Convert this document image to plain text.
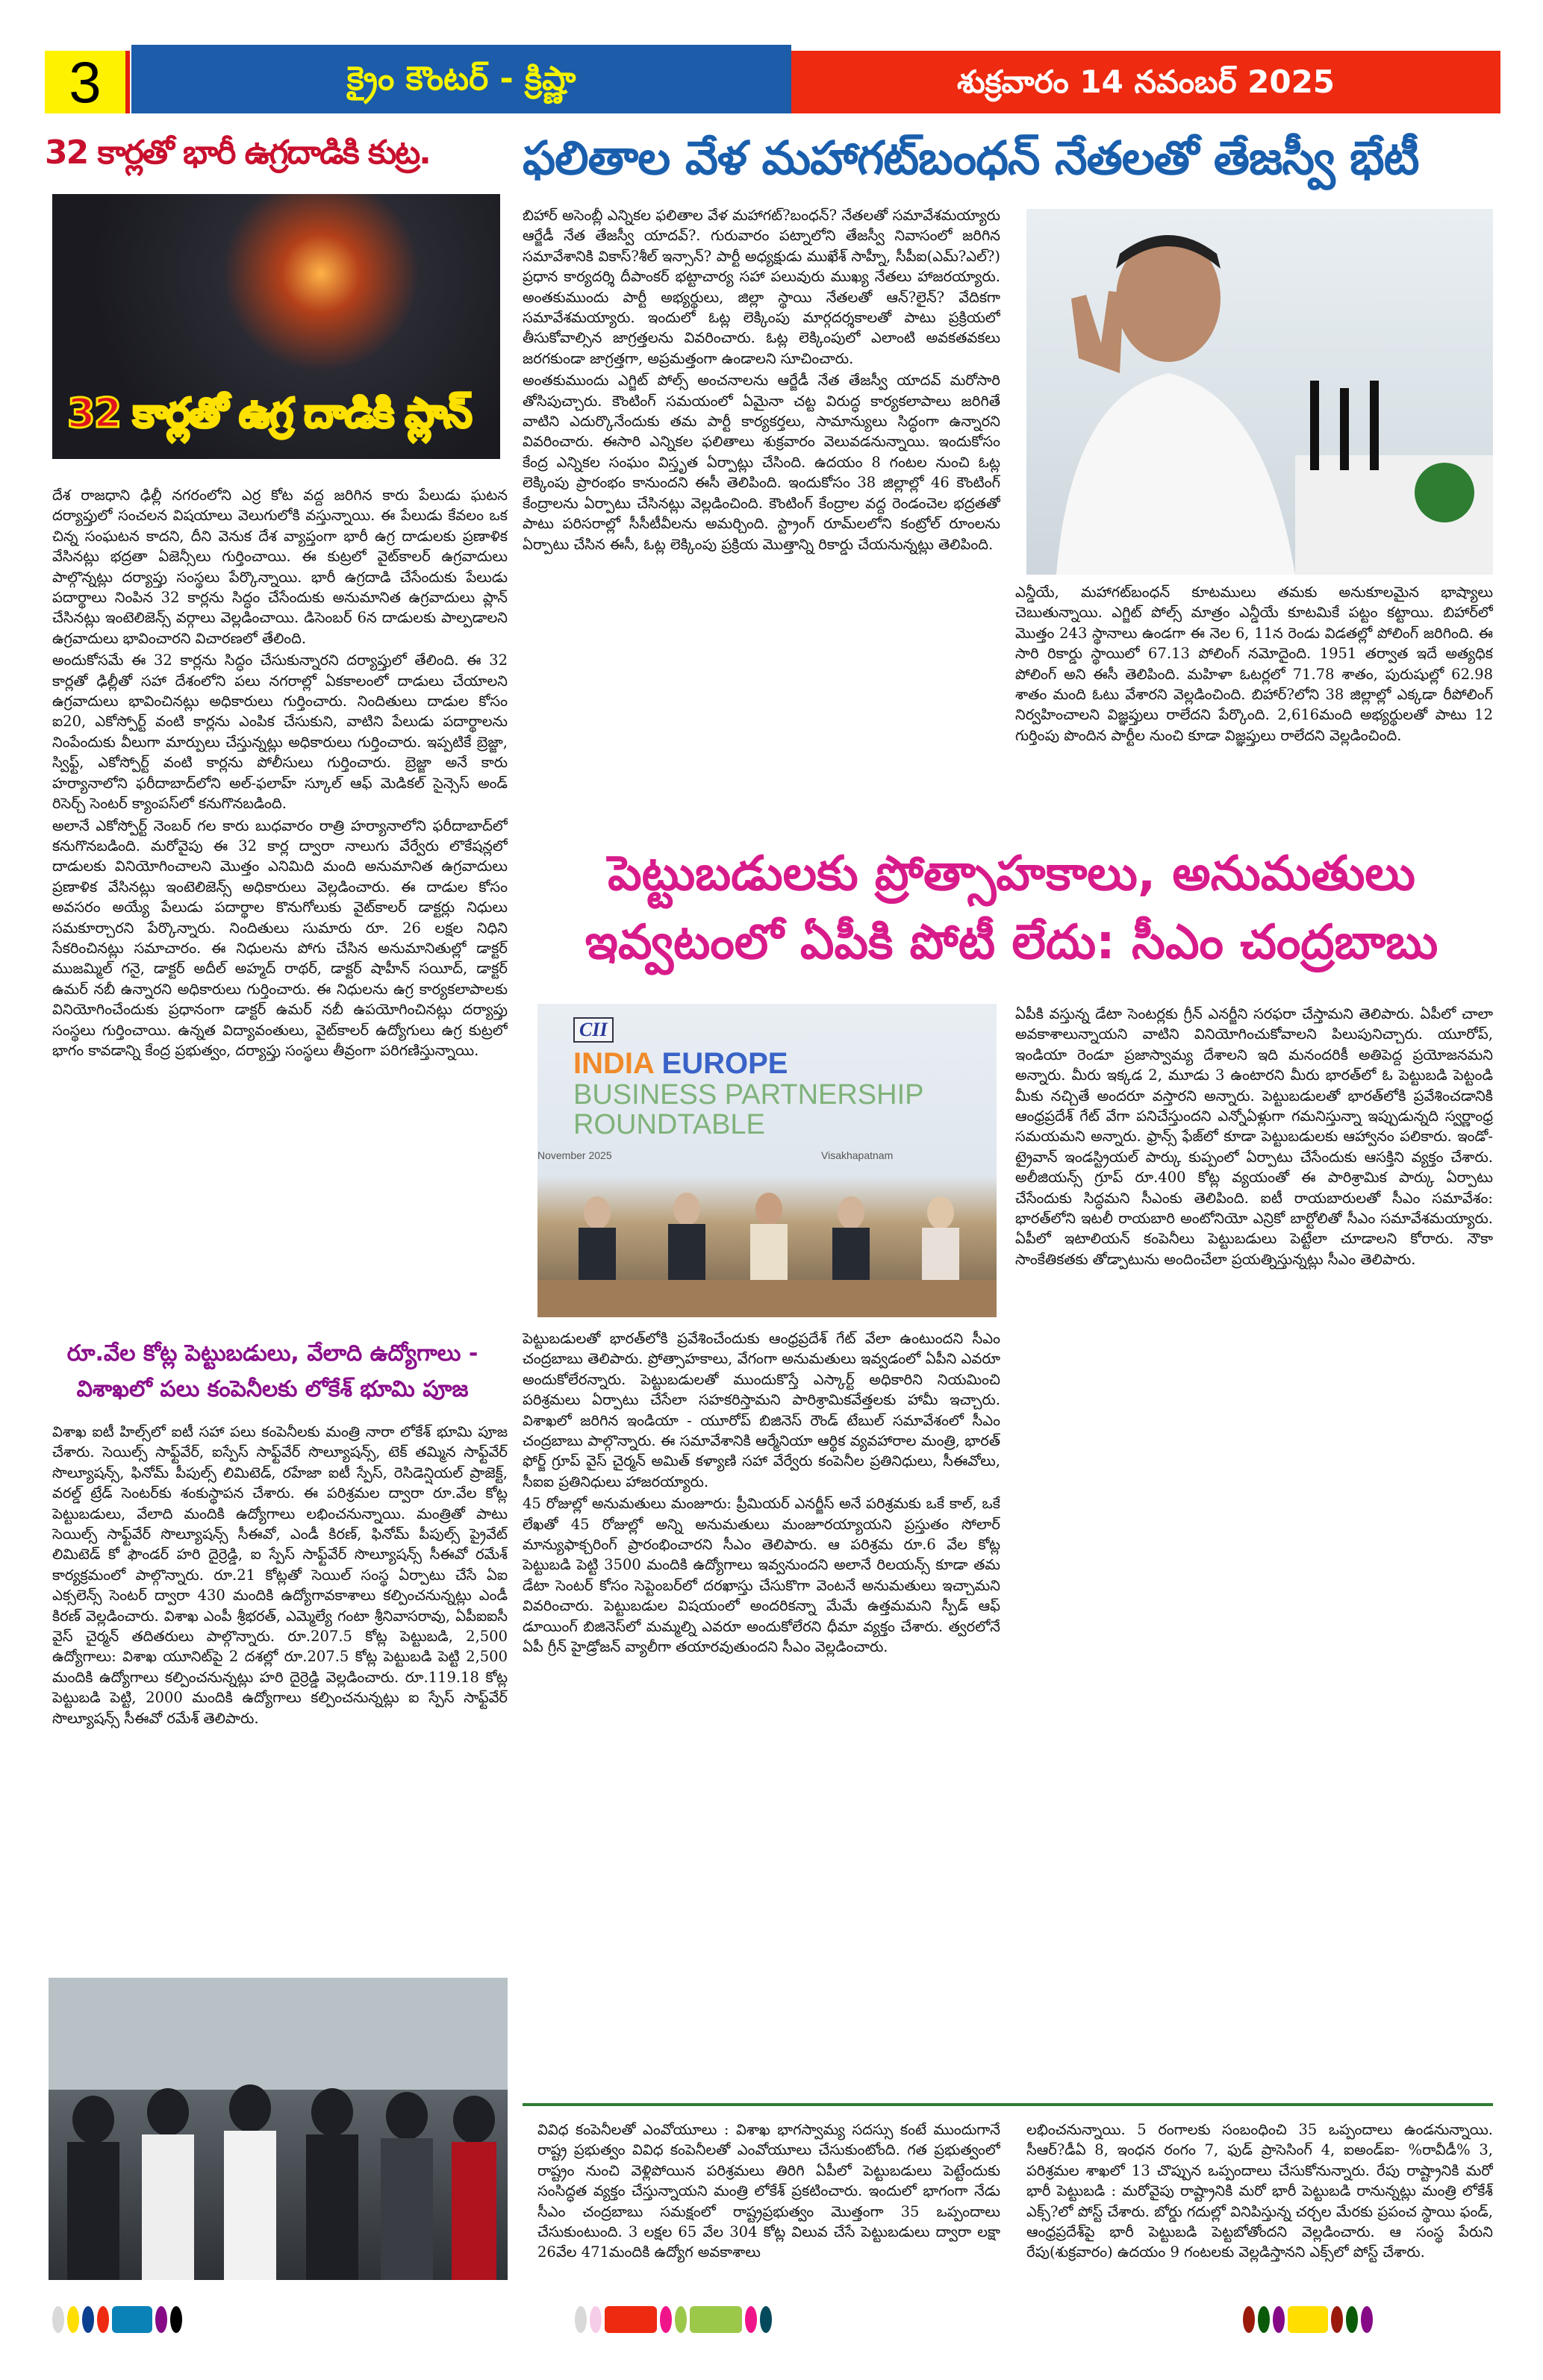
3	క్రైం కౌంటర్ - క్రిష్ణా	శుక్రవారం 14 నవంబర్ 2025
32 కార్లతో భారీ ఉగ్రదాడికి కుట్ర.	ఫలితాల వేళ మహాగట్‌బంధన్ నేతలతో తేజస్వీ భేటీ
32 కార్లతో ఉగ్ర దాడికి ప్లాన్

దేశ రాజధాని ఢిల్లీ నగరంలోని ఎర్ర కోట వద్ద జరిగిన కారు పేలుడు ఘటన దర్యాప్తులో సంచలన విషయాలు వెలుగులోకి వస్తున్నాయి. ఈ పేలుడు కేవలం ఒక చిన్న సంఘటన కాదని, దీని వెనుక దేశ వ్యాప్తంగా భారీ ఉగ్ర దాడులకు ప్రణాళిక వేసినట్లు భద్రతా ఏజెన్సీలు గుర్తించాయి. ఈ కుట్రలో వైట్‌కాలర్ ఉగ్రవాదులు పాల్గొన్నట్లు దర్యాప్తు సంస్థలు పేర్కొన్నాయి. భారీ ఉగ్రదాడి చేసేందుకు పేలుడు పదార్థాలు నింపిన 32 కార్లను సిద్ధం చేసేందుకు అనుమానిత ఉగ్రవాదులు ప్లాన్ చేసినట్లు ఇంటెలిజెన్స్ వర్గాలు వెల్లడించాయి. డిసెంబర్ 6న దాడులకు పాల్పడాలని ఉగ్రవాదులు భావించారని విచారణలో తేలింది.

అందుకోసమే ఈ 32 కార్లను సిద్ధం చేసుకున్నారని దర్యాప్తులో తేలింది. ఈ 32 కార్లతో ఢిల్లీతో సహా దేశంలోని పలు నగరాల్లో ఏకకాలంలో దాడులు చేయాలని ఉగ్రవాదులు భావించినట్లు అధికారులు గుర్తించారు. నిందితులు దాడుల కోసం ఐ20, ఎకోస్పోర్ట్ వంటి కార్లను ఎంపిక చేసుకుని, వాటిని పేలుడు పదార్థాలను నింపేందుకు వీలుగా మార్పులు చేస్తున్నట్లు అధికారులు గుర్తించారు. ఇప్పటికే బ్రెజ్జా, స్విఫ్ట్, ఎకోస్పోర్ట్ వంటి కార్లను పోలీసులు గుర్తించారు. బ్రెజ్జా అనే కారు హర్యానాలోని ఫరీదాబాద్‌లోని అల్-ఫలాహ్ స్కూల్ ఆఫ్ మెడికల్ సైన్సెస్ అండ్ రిసెర్చ్ సెంటర్ క్యాంపస్‌లో కనుగొనబడింది.

అలానే ఎకోస్పోర్ట్ నెంబర్ గల కారు బుధవారం రాత్రి హర్యానాలోని ఫరీదాబాద్‌లో కనుగొనబడింది. మరోవైపు ఈ 32 కార్ల ద్వారా నాలుగు వేర్వేరు లొకేషన్లలో దాడులకు వినియోగించాలని మొత్తం ఎనిమిది మంది అనుమానిత ఉగ్రవాదులు ప్రణాళిక వేసినట్లు ఇంటెలిజెన్స్ అధికారులు వెల్లడించారు. ఈ దాడుల కోసం అవసరం అయ్యే పేలుడు పదార్థాల కొనుగోలుకు వైట్‌కాలర్ డాక్టర్లు నిధులు సమకూర్చారని పేర్కొన్నారు. నిందితులు సుమారు రూ. 26 లక్షల నిధిని సేకరించినట్లు సమాచారం. ఈ నిధులను పోగు చేసిన అనుమానితుల్లో డాక్టర్ ముజమ్మిల్ గనై, డాక్టర్ అదీల్ అహ్మద్ రాథర్, డాక్టర్ షాహీన్ సయీద్, డాక్టర్ ఉమర్ నబీ ఉన్నారని అధికారులు గుర్తించారు. ఈ నిధులను ఉగ్ర కార్యకలాపాలకు వినియోగించేందుకు ప్రధానంగా డాక్టర్ ఉమర్ నబీ ఉపయోగించినట్లు దర్యాప్తు సంస్థలు గుర్తించాయి. ఉన్నత విద్యావంతులు, వైట్‌కాలర్ ఉద్యోగులు ఉగ్ర కుట్రలో భాగం కావడాన్ని కేంద్ర ప్రభుత్వం, దర్యాప్తు సంస్థలు తీవ్రంగా పరిగణిస్తున్నాయి.

రూ.వేల కోట్ల పెట్టుబడులు, వేలాది ఉద్యోగాలు - విశాఖలో పలు కంపెనీలకు లోకేశ్ భూమి పూజ

విశాఖ ఐటీ హిల్స్‌లో ఐటీ సహా పలు కంపెనీలకు మంత్రి నారా లోకేశ్ భూమి పూజ చేశారు. సెయిల్స్ సాఫ్ట్‌వేర్, ఐస్పేస్ సాఫ్ట్‌వేర్ సొల్యూషన్స్, టెక్ తమ్మిన సాఫ్ట్‌వేర్ సొల్యూషన్స్, ఫినోమ్ పీపుల్స్ లిమిటెడ్, రహేజా ఐటీ స్పేస్, రెసిడెన్షియల్ ప్రాజెక్ట్, వరల్డ్ ట్రేడ్ సెంటర్‌కు శంకుస్థాపన చేశారు. ఈ పరిశ్రమల ద్వారా రూ.వేల కోట్ల పెట్టుబడులు, వేలాది మందికి ఉద్యోగాలు లభించనున్నాయి. మంత్రితో పాటు సెయిల్స్ సాఫ్ట్‌వేర్ సొల్యూషన్స్ సీఈవో, ఎండీ కిరణ్, ఫినోమ్ పీపుల్స్ ప్రైవేట్ లిమిటెడ్ కో ఫౌండర్ హరి దైర్రెడ్డి, ఐ స్పేస్ సాఫ్ట్‌వేర్ సొల్యూషన్స్ సీఈవో రమేశ్ కార్యక్రమంలో పాల్గొన్నారు. రూ.21 కోట్లతో సెయిల్ సంస్థ ఏర్పాటు చేసే ఏఐ ఎక్సలెన్స్ సెంటర్ ద్వారా 430 మందికి ఉద్యోగావకాశాలు కల్పించనున్నట్లు ఎండీ కిరణ్ వెల్లడించారు. విశాఖ ఎంపీ శ్రీభరత్, ఎమ్మెల్యే గంటా శ్రీనివాసరావు, ఏపీఐఐసీ వైస్ చైర్మన్ తదితరులు పాల్గొన్నారు. రూ.207.5 కోట్ల పెట్టుబడి, 2,500 ఉద్యోగాలు: విశాఖ యూనిట్‌పై 2 దశల్లో రూ.207.5 కోట్ల పెట్టుబడి పెట్టి 2,500 మందికి ఉద్యోగాలు కల్పించనున్నట్లు హరి దైర్రెడ్డి వెల్లడించారు. రూ.119.18 కోట్ల పెట్టుబడి పెట్టి, 2000 మందికి ఉద్యోగాలు కల్పించనున్నట్లు ఐ స్పేస్ సాఫ్ట్‌వేర్ సొల్యూషన్స్ సీఈవో రమేశ్ తెలిపారు.

బిహార్ అసెంబ్లీ ఎన్నికల ఫలితాల వేళ మహాగట్?బంధన్? నేతలతో సమావేశమయ్యారు ఆర్జేడీ నేత తేజస్వీ యాదవ్?. గురువారం పట్నాలోని తేజస్వీ నివాసంలో జరిగిన సమావేశానికి వికాస్?శీల్ ఇన్సాన్? పార్టీ అధ్యక్షుడు ముఖేశ్ సాహ్నీ, సీపీఐ(ఎమ్?ఎల్?) ప్రధాన కార్యదర్శి దీపాంకర్ భట్టాచార్య సహా పలువురు ముఖ్య నేతలు హాజరయ్యారు. అంతకుముందు పార్టీ అభ్యర్థులు, జిల్లా స్థాయి నేతలతో ఆన్?లైన్? వేదికగా సమావేశమయ్యారు. ఇందులో ఓట్ల లెక్కింపు మార్గదర్శకాలతో పాటు ప్రక్రియలో తీసుకోవాల్సిన జాగ్రత్తలను వివరించారు. ఓట్ల లెక్కింపులో ఎలాంటి అవకతవకలు జరగకుండా జాగ్రత్తగా, అప్రమత్తంగా ఉండాలని సూచించారు.

అంతకుముందు ఎగ్జిట్ పోల్స్ అంచనాలను ఆర్జేడీ నేత తేజస్వీ యాదవ్ మరోసారి తోసిపుచ్చారు. కౌంటింగ్ సమయంలో ఏమైనా చట్ట విరుద్ధ కార్యకలాపాలు జరిగితే వాటిని ఎదుర్కొనేందుకు తమ పార్టీ కార్యకర్తలు, సామాన్యులు సిద్ధంగా ఉన్నారని వివరించారు. ఈసారి ఎన్నికల ఫలితాలు శుక్రవారం వెలువడనున్నాయి. ఇందుకోసం కేంద్ర ఎన్నికల సంఘం విస్తృత ఏర్పాట్లు చేసింది. ఉదయం 8 గంటల నుంచి ఓట్ల లెక్కింపు ప్రారంభం కానుందని ఈసీ తెలిపింది. ఇందుకోసం 38 జిల్లాల్లో 46 కౌంటింగ్ కేంద్రాలను ఏర్పాటు చేసినట్లు వెల్లడించింది. కౌంటింగ్ కేంద్రాల వద్ద రెండంచెల భద్రతతో పాటు పరిసరాల్లో సీసీటీవీలను అమర్చింది. స్ట్రాంగ్ రూమ్‌లలోని కంట్రోల్ రూంలను ఏర్పాటు చేసిన ఈసీ, ఓట్ల లెక్కింపు ప్రక్రియ మొత్తాన్ని రికార్డు చేయనున్నట్లు తెలిపింది.

ఎన్డీయే, మహాగట్‌బంధన్ కూటములు తమకు అనుకూలమైన భాష్యాలు చెబుతున్నాయి. ఎగ్జిట్ పోల్స్ మాత్రం ఎన్డీయే కూటమికే పట్టం కట్టాయి. బిహార్‌లో మొత్తం 243 స్థానాలు ఉండగా ఈ నెల 6, 11న రెండు విడతల్లో పోలింగ్ జరిగింది. ఈ సారి రికార్డు స్థాయిలో 67.13 పోలింగ్ నమోదైంది. 1951 తర్వాత ఇదే అత్యధిక పోలింగ్ అని ఈసీ తెలిపింది. మహిళా ఓటర్లలో 71.78 శాతం, పురుషుల్లో 62.98 శాతం మంది ఓటు వేశారని వెల్లడించింది. బిహార్?లోని 38 జిల్లాల్లో ఎక్కడా రీపోలింగ్ నిర్వహించాలని విజ్ఞప్తులు రాలేదని పేర్కొంది. 2,616మంది అభ్యర్థులతో పాటు 12 గుర్తింపు పొందిన పార్టీల నుంచి కూడా విజ్ఞప్తులు రాలేదని వెల్లడించింది.

పెట్టుబడులకు ప్రోత్సాహకాలు, అనుమతులు
ఇవ్వటంలో ఏపీకి పోటీ లేదు: సీఎం చంద్రబాబు
CII
INDIA EUROPE
BUSINESS PARTNERSHIP
ROUNDTABLE
November 2025	Visakhapatnam

పెట్టుబడులతో భారత్‌లోకి ప్రవేశించేందుకు ఆంధ్రప్రదేశ్ గేట్ వేలా ఉంటుందని సీఎం చంద్రబాబు తెలిపారు. ప్రోత్సాహకాలు, వేగంగా అనుమతులు ఇవ్వడంలో ఏపీని ఎవరూ అందుకోలేరన్నారు. పెట్టుబడులతో ముందుకొస్తే ఎస్కార్ట్ అధికారిని నియమించి పరిశ్రమలు ఏర్పాటు చేసేలా సహకరిస్తామని పారిశ్రామికవేత్తలకు హామీ ఇచ్చారు. విశాఖలో జరిగిన ఇండియా - యూరోప్ బిజినెస్ రౌండ్ టేబుల్ సమావేశంలో సీఎం చంద్రబాబు పాల్గొన్నారు. ఈ సమావేశానికి ఆర్మేనియా ఆర్థిక వ్యవహారాల మంత్రి, భారత్ ఫోర్జ్ గ్రూప్ వైస్ చైర్మన్ అమిత్ కళ్యాణి సహా వేర్వేరు కంపెనీల ప్రతినిధులు, సీఈవోలు, సీఐఐ ప్రతినిధులు హాజరయ్యారు.

45 రోజుల్లో అనుమతులు మంజూరు: ప్రీమియర్ ఎనర్జీస్ అనే పరిశ్రమకు ఒకే కాల్, ఒకే లేఖతో 45 రోజుల్లో అన్ని అనుమతులు మంజూరయ్యాయని ప్రస్తుతం సోలార్ మాన్యుఫాక్చరింగ్ ప్రారంభించారని సీఎం తెలిపారు. ఆ పరిశ్రమ రూ.6 వేల కోట్ల పెట్టుబడి పెట్టి 3500 మందికి ఉద్యోగాలు ఇవ్వనుందని అలానే రిలయన్స్ కూడా తమ డేటా సెంటర్ కోసం సెప్టెంబర్‌లో దరఖాస్తు చేసుకొగా వెంటనే అనుమతులు ఇచ్చామని వివరించారు. పెట్టుబడుల విషయంలో అందరికన్నా మేమే ఉత్తమమని స్పీడ్ ఆఫ్ డూయింగ్ బిజినెస్‌లో మమ్మల్ని ఎవరూ అందుకోలేరని ధీమా వ్యక్తం చేశారు. త్వరలోనే ఏపీ గ్రీన్ హైడ్రోజన్ వ్యాలీగా తయారవుతుందని సీఎం వెల్లడించారు.

ఏపీకి వస్తున్న డేటా సెంటర్లకు గ్రీన్ ఎనర్జీని సరఫరా చేస్తామని తెలిపారు. ఏపీలో చాలా అవకాశాలున్నాయని వాటిని వినియోగించుకోవాలని పిలుపునిచ్చారు. యూరోప్, ఇండియా రెండూ ప్రజాస్వామ్య దేశాలని ఇది మనందరికీ అతిపెద్ద ప్రయోజనమని అన్నారు. మీరు ఇక్కడ 2, మూడు 3 ఉంటారని మీరు భారత్‌లో ఓ పెట్టుబడి పెట్టండి మీకు నచ్చితే అందరూ వస్తారని అన్నారు. పెట్టుబడులతో భారత్‌లోకి ప్రవేశించడానికి ఆంధ్రప్రదేశ్ గేట్ వేగా పనిచేస్తుందని ఎన్నోఏళ్లుగా గమనిస్తున్నా ఇప్పుడున్నది స్వర్ణాంధ్ర సమయమని అన్నారు. ఫ్రాన్స్‌ ఫేజ్‌లో కూడా పెట్టుబడులకు ఆహ్వానం పలికారు. ఇండో-ట్రైవాన్ ఇండస్ట్రియల్ పార్కు కుప్పంలో ఏర్పాటు చేసేందుకు ఆసక్తిని వ్యక్తం చేశారు. అలీజియన్స్ గ్రూప్ రూ.400 కోట్ల వ్యయంతో ఈ పారిశ్రామిక పార్కు ఏర్పాటు చేసేందుకు సిద్ధమని సీఎంకు తెలిపింది. ఐటీ రాయబారులతో సీఎం సమావేశం: భారత్‌లోని ఇటలీ రాయబారి అంటోనియో ఎన్రికో బార్టోలితో సీఎం సమావేశమయ్యారు. ఏపీలో ఇటాలియన్ కంపెనీలు పెట్టుబడులు పెట్టేలా చూడాలని కోరారు. నౌకా సాంకేతికతకు తోడ్పాటును అందించేలా ప్రయత్నిస్తున్నట్లు సీఎం తెలిపారు.

వివిధ కంపెనీలతో ఎంవోయూలు : విశాఖ భాగస్వామ్య సదస్సు కంటే ముందుగానే రాష్ట్ర ప్రభుత్వం వివిధ కంపెనీలతో ఎంవోయూలు చేసుకుంటోంది. గత ప్రభుత్వంలో రాష్ట్రం నుంచి వెళ్లిపోయిన పరిశ్రమలు తిరిగి ఏపీలో పెట్టుబడులు పెట్టేందుకు సంసిద్ధత వ్యక్తం చేస్తున్నాయని మంత్రి లోకేశ్ ప్రకటించారు. ఇందులో భాగంగా నేడు సీఎం చంద్రబాబు సమక్షంలో రాష్ట్రప్రభుత్వం మొత్తంగా 35 ఒప్పందాలు చేసుకుంటుంది. 3 లక్షల 65 వేల 304 కోట్ల విలువ చేసే పెట్టుబడులు ద్వారా లక్షా 26వేల 471మందికి ఉద్యోగ అవకాశాలు
లభించనున్నాయి. 5 రంగాలకు సంబంధించి 35 ఒప్పందాలు ఉండనున్నాయి. సీఆర్?డీఏ 8, ఇంధన రంగం 7, ఫుడ్ ప్రాసెసింగ్ 4, ఐఅండ్ఐ- %రావీడీ% 3, పరిశ్రమల శాఖలో 13 చొప్పున ఒప్పందాలు చేసుకోనున్నారు. రేపు రాష్ట్రానికి మరో భారీ పెట్టుబడి : మరోవైపు రాష్ట్రానికి మరో భారీ పెట్టుబడి రానున్నట్లు మంత్రి లోకేశ్ ఎక్స్?లో పోస్ట్ చేశారు. బోర్డు గదుల్లో వినిపిస్తున్న చర్చల మేరకు ప్రపంచ స్థాయి ఫండ్, ఆంధ్రప్రదేశ్‌పై భారీ పెట్టుబడి పెట్టబోతోందని వెల్లడించారు. ఆ సంస్థ పేరుని రేపు(శుక్రవారం) ఉదయం 9 గంటలకు వెల్లడిస్తానని ఎక్స్‌లో పోస్ట్ చేశారు.
